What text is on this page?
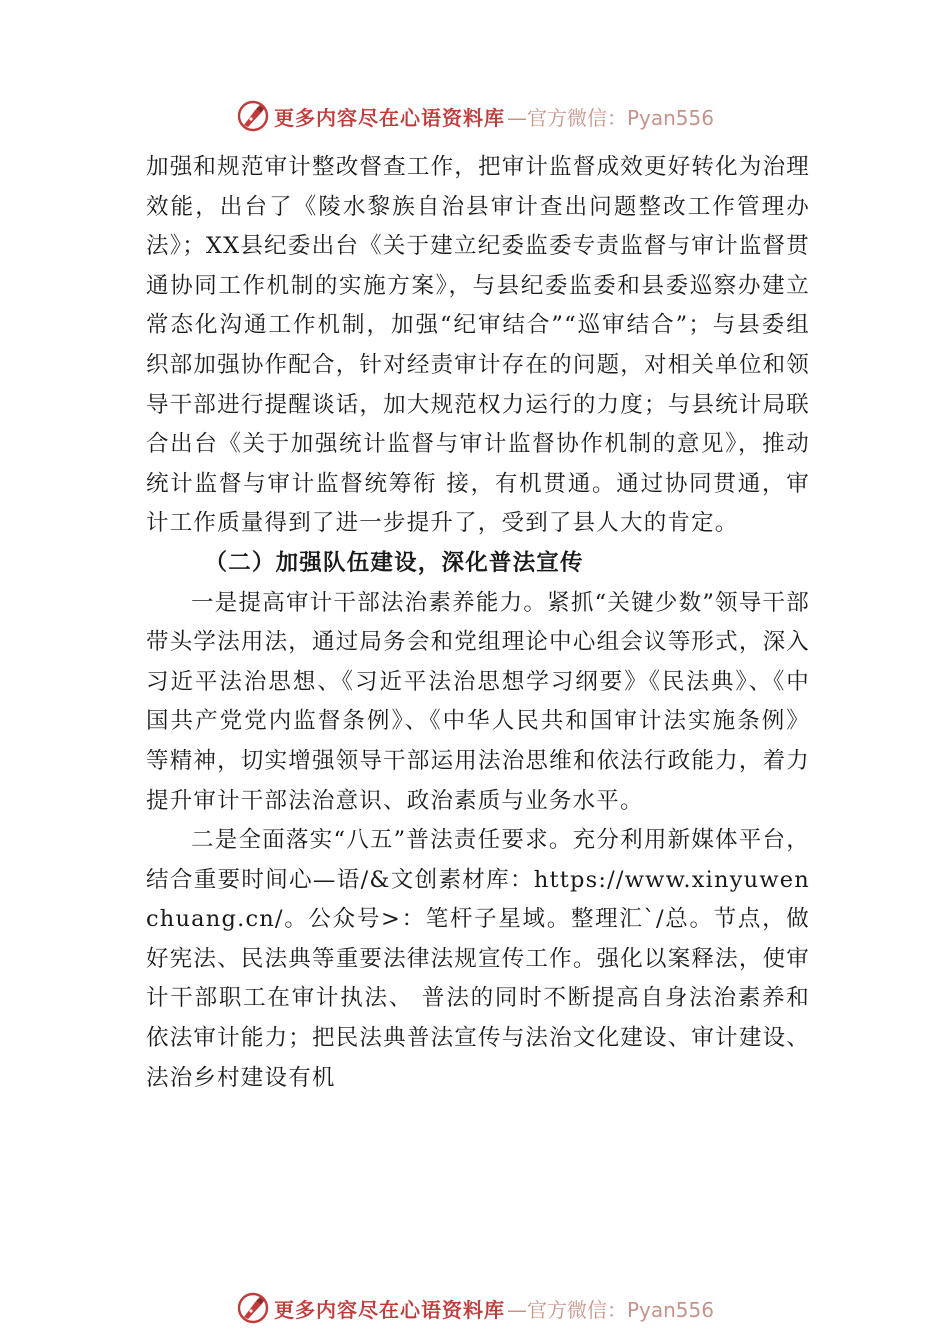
更多内容尽在心语资料库 —官方微信：Pyan556

加强和规范审计整改督查工作，把审计监督成效更好转化为治理效能，出台了《陵水黎族自治县审计查出问题整改工作管理办法》；XX县纪委出台《关于建立纪委监委专责监督与审计监督贯通协同工作机制的实施方案》，与县纪委监委和县委巡察办建立常态化沟通工作机制，加强“纪审结合”“巡审结合”；与县委组织部加强协作配合，针对经责审计存在的问题，对相关单位和领导干部进行提醒谈话，加大规范权力运行的力度；与县统计局联合出台《关于加强统计监督与审计监督协作机制的意见》，推动统计监督与审计监督统筹衔 接，有机贯通。通过协同贯通，审计工作质量得到了进一步提升了，受到了县人大的肯定。

（二）加强队伍建设，深化普法宣传

一是提高审计干部法治素养能力。紧抓“关键少数”领导干部带头学法用法，通过局务会和党组理论中心组会议等形式，深入习近平法治思想、《习近平法治思想学习纲要》《民法典》、《中国共产党党内监督条例》、《中华人民共和国审计法实施条例》等精神，切实增强领导干部运用法治思维和依法行政能力，着力提升审计干部法治意识、政治素质与业务水平。

二是全面落实“八五”普法责任要求。充分利用新媒体平台，结合重要时间心—语/&文创素材库：https://www.xinyuwenchuang.cn/。公众号>：笔杆子星域。整理汇`/总。节点，做好宪法、民法典等重要法律法规宣传工作。强化以案释法，使审计干部职工在审计执法、 普法的同时不断提高自身法治素养和依法审计能力；把民法典普法宣传与法治文化建设、审计建设、法治乡村建设有机

更多内容尽在心语资料库 —官方微信：Pyan556
